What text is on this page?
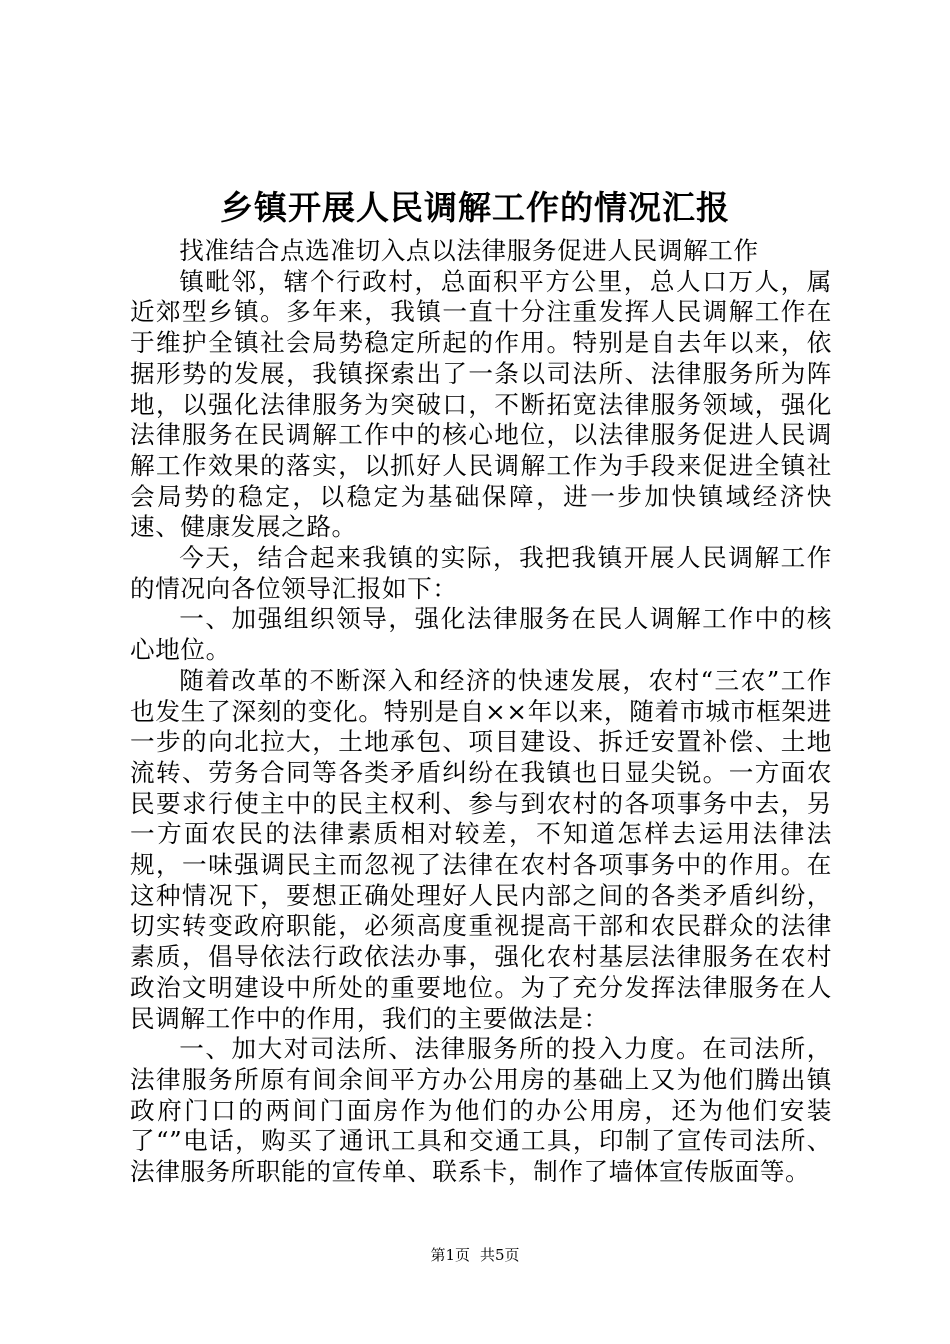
乡镇开展人民调解工作的情况汇报

找准结合点选准切入点以法律服务促进人民调解工作

镇毗邻，辖个行政村，总面积平方公里，总人口万人，属近郊型乡镇。多年来，我镇一直十分注重发挥人民调解工作在于维护全镇社会局势稳定所起的作用。特别是自去年以来，依据形势的发展，我镇探索出了一条以司法所、法律服务所为阵地，以强化法律服务为突破口，不断拓宽法律服务领域，强化法律服务在民调解工作中的核心地位，以法律服务促进人民调解工作效果的落实，以抓好人民调解工作为手段来促进全镇社会局势的稳定，以稳定为基础保障，进一步加快镇域经济快速、健康发展之路。

今天，结合起来我镇的实际，我把我镇开展人民调解工作的情况向各位领导汇报如下：

一、加强组织领导，强化法律服务在民人调解工作中的核心地位。

随着改革的不断深入和经济的快速发展，农村“三农”工作也发生了深刻的变化。特别是自××年以来，随着市城市框架进一步的向北拉大，土地承包、项目建设、拆迁安置补偿、土地流转、劳务合同等各类矛盾纠纷在我镇也日显尖锐。一方面农民要求行使主中的民主权利、参与到农村的各项事务中去，另一方面农民的法律素质相对较差，不知道怎样去运用法律法规，一味强调民主而忽视了法律在农村各项事务中的作用。在这种情况下，要想正确处理好人民内部之间的各类矛盾纠纷，切实转变政府职能，必须高度重视提高干部和农民群众的法律素质，倡导依法行政依法办事，强化农村基层法律服务在农村政治文明建设中所处的重要地位。为了充分发挥法律服务在人民调解工作中的作用，我们的主要做法是：

一、加大对司法所、法律服务所的投入力度。在司法所，法律服务所原有间余间平方办公用房的基础上又为他们腾出镇政府门口的两间门面房作为他们的办公用房，还为他们安装了“”电话，购买了通讯工具和交通工具，印制了宣传司法所、法律服务所职能的宣传单、联系卡，制作了墙体宣传版面等。

第1页 共5页
